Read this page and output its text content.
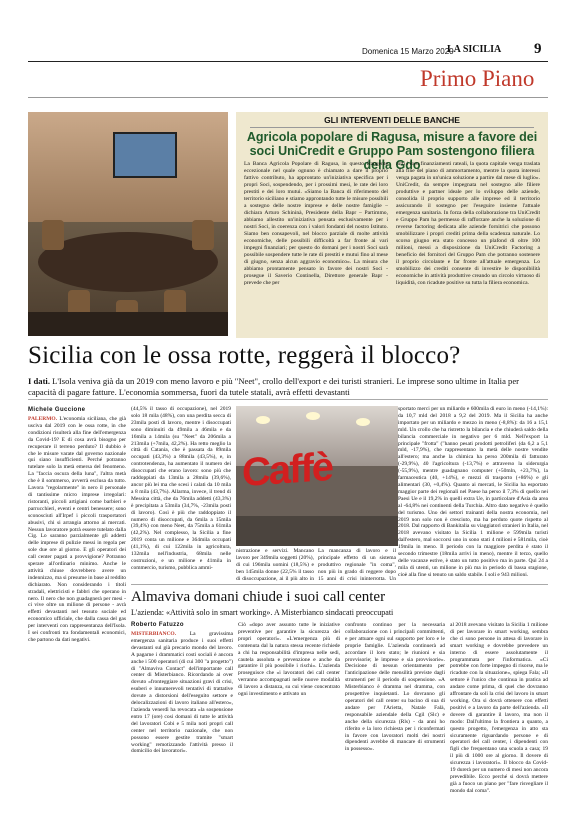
Domenica 15 Marzo 2020
LA SICILIA 9
Primo Piano
GLI INTERVENTI DELLE BANCHE
Agricola popolare di Ragusa, misure a favore dei soci UniCredit e Gruppo Pam sostengono filiera della Gdo
La Banca Agricola Popolare di Ragusa, in questo frangente eccezionale nel quale ognuno è chiamato a dare il proprio fattivo contributo, ha approntato un'iniziativa specifica per i propri Soci, sospendendo, per i prossimi mesi, le rate dei loro prestiti e dei loro mutui. «Siamo la Banca di riferimento del territorio siciliano e stiamo approntando tutte le misure possibili a sostegno delle nostre imprese e delle nostre famiglie – dichiara Arturo Schininà, Presidente della Bapr – Partimmo, abbiamo allestito un'iniziativa pensata esclusivamente per i nostri Soci, in coerenza con i valori fondanti del nostro Istituto. Siamo ben consapevoli, nel blocco parziale di molte attività economiche, delle possibili difficoltà a far fronte ai vari impegni finanziari; per questo do domani per i nostri Soci sarà possibile sospendere tutte le rate di prestiti e mutui fino al mese di giugno, senza alcun aggravio economico». La misura che abbiamo prontamente pensato in favore dei nostri Soci - prosegue il Saverio Continella, Direttore generale Bapr - prevede che per
tutti i loro finanziamenti rateali, la quota capitale venga traslata alla fine del piano di ammortamento, mentre la quota interessi venga pagata in un'unica soluzione a partire dal mese di luglio». UniCredit, da sempre impegnata nel sostegno alle filiere produttive e partner ideale per lo sviluppo delle aziende, consolida il proprio supporto alle imprese ed il territorio assicurando il sostegno per l'eseguire insieme l'attuale emergenza sanitaria. In forza della collaborazione tra UniCredit e Gruppo Pam ha permesso di rafforzare anche la soluzione di reverse factoring dedicata alle aziende fornitrici che possono smobilizzare i propri crediti prima della scadenza naturale. Lo scorso giugno era stato concesso un plafond di oltre 100 milioni, messi a disposizione da UniCredit Factoring a beneficio dei fornitori del Gruppo Pam che potranno sostenere il proprio circolante e far fronte all'attuale emergenza. Lo smobilizzo dei crediti consente di investire le disponibilità economiche in attività produttive creando un circolo virtuoso di liquidità, con ricadute positive su tutta la filiera economica.
Sicilia con le ossa rotte, reggerà il blocco?
I dati. L'Isola veniva già da un 2019 con meno lavoro e più "Neet", crollo dell'export e dei turisti stranieri. Le imprese sono ultime in Italia per capacità di pagare fatture. L'economia sommersa, fuori da tutele statali, avrà effetti devastanti
Michele Guccione
PALERMO. L'economia siciliana, che già usciva dal 2019 con le ossa rotte, in che condizioni risulterà alla fine dell'emergenza da Covid-19? E di cosa avrà bisogno per recuperare il terreno perduto? Il dubbio è che le misure varate dal governo nazionale qui siano insufficienti. Perché potranno tutelare solo la metà emersa del fenomeno. La "faccia oscura della luna", l'altra metà che è il sommerso, avverrà esclusa da tutto. Lavora "regolarmente" in nero il personale di tantissime micro imprese irregolari: ristoranti, piccoli artigiani come barbieri e parrucchieri, eventi e centri benessere; sono sconosciuti all'Irpef i piccoli trasportatori abusivi, chi si arrangia attorno ai mercati. Nessun lavoratore potrà essere tutelato dalla Cig. Lo saranno parzialmente gli addetti delle imprese di pulizie messi in regola per sole due ore al giorno. E gli operatori dei call center pagati a provvigione? Potranno sperare all'ordinario minimo. Anche le attività chiuse dovrebbero avere un indennizzo, ma si presume in base al reddito dichiarato. Non considerando i titoli stradali, elettricisti e fabbri che operano in nero. Il nero che non guadagnerà per mesi - ci vive oltre un milione di persone - avrà effetti devastanti nel tessuto sociale ed economico ufficiale, che dalla cassa del gas per interventi con rappresentanza dell'Isola. I sei confronti tra fondamentali economici, che partono da dati negativi.
(44,5% il tasso di occupazione), nel 2019 solo 18 mila (48%), con una perdita secca di 23mila posti di lavoro, mentre i disoccupati sono diminuiti da 49mila a 46mila e da 16mila a 14mila (su "Neet" da 206mila a 213mila (+7mila, 42,2%). Ha retto meglio la città di Catania, che è passata da 89mila occupati (43,3%) a 88mila (43,5%), e, in controtendenza, ha aumentato il numero dei disoccupati che erano lavoro: sono più che raddoppiati da 13mila a 28mila (39,6%), ancor più lei ma che scesi i calati da 10 mila a 8 mila (43,7%). Allarma, invece, il trend di Messina città, che da 76mila addetti (43,3%) è precipitata a 53mila (34,7%, -23mila posti di lavoro). Così è più che raddoppiato il numero di disoccupati, da 6mila a 15mila (39,4%) con meno Neet, da 75mila a 61mila (42,2%). Nel complesso, la Sicilia a fine 2019 conta un milione e 364mila occupati (41,1%), di cui 122mila in agricoltura, 132mila nell'industria, 68mila nelle costruzioni, e un milione e 41mila in commercio, turismo, pubblica ammi-
Caffè
sportato merci per un miliardo e 600mila di euro in meno (-14,1%): da 10,7 mld del 2018 a 9,2 del 2019. Ma il Sicilia ha anche importato per un miliardo e mezzo in meno (-8,8%): da 16 a 15,1 mld. Un crollo che ha ristretto la bilancia e che chiuderà saldo della bilancia commerciale in negativo per 6 mld. Nell'export la principale "frotta" ("hanno pesati prodotti petroliferi (da 6,2 a 5,1 mld, -17,9%), che rappresentano la metà delle nostre vendite all'estero; ma anche la chimica ha perso 200mila di fatturato (-29,9%), 40 l'agricoltura (-13,7%) e attraverso la siderurgia (-55,9%), mentre guadagnano computer (+50mln, +23,7%), la farmaceutica (40, +14%), e mezzi di trasporto (+86%) e gli alimentari (30, +0,4%). Quanto ai mercati, le Sicilia ha esportato maggior parte dei regionali nel Paese ha perso il 7,3% di quello nei Paesi Ue e il 19,2% in quelli extra Ue, in particolare d'Asia da area al -64,8% nei continenti della Turchia. Altro dato negativo è quello del turismo. Uno dei settori trainanti della nostra economia, nel 2019 non solo non è cresciuto, ma ha perduto quote rispetto al 2018. Dal rapporto di Bankitalia su viaggiatori stranieri in Italia, nel 2018 avevano visitato la Sicilia 1 milione e 599mila turisti dall'estero, mal soccorsi uno in sono stati 4 milioni e 581mila, cioè 19mila in meno. Il periodo con la maggiore perdita è stato il secondo trimestre (18mila arrivi in meno), mentre il terzo, quello delle vacanze estive, è stato un tutto positivo ma in parte. Qui 24 a mila di utenti, un milione in più ma in periodo di bassa stagione, cioè alla fine si tenuto un saldo stabile. I soli e 943 milioni.
nistrazione e servizi. Mancano lavoro per 349mila soggetti (20%), di cui 196mila uomini (18,5%) e ben 145mila donne (22,5% il tasso di disoccupazione, ai il più alto in
La mancanza di lavoro e il principale effetto di un sistema produttivo regionale "in coma", non più in grado di reggere dopo 15 anni di crisi ininterrotta. Un
Almaviva domani chiude i suoi call center
L'azienda: «Attività solo in smart working». A Misterbianco sindacati preoccupati
Roberto Fatuzzo
MISTERBIANCO. La gravissima emergenza sanitaria produce i suoi effetti devastanti sul già precario mondo del lavoro. A pagarne i drammatici costi sociali è ancora anche i 500 operatori (di cui 300 "a progetto") di "Almaviva Contact" dell'importante call center di Misterbianco. Ricordando ai over dovuto «fronteggiare situazioni gravi di crisi, esuberi e innumerevoli tentativi di trattative dovute a distorsioni dell'eseguito settore e delocalizzazioni di lavoro italiano all'estero», l'azienda venerdì ha revocata «la sospensione entro 17 (ore) cosi domani di tutte le attività del lavoratori Cobi e 5 mila noti propri call center nel territorio nazionale, che non possono essere gestite tramite "smart working" remotizzando l'attività presso il domicilio dei lavoratori».
Ciò «dopo aver assunto tutte le iniziative preventive per garantire la sicurezza dei propri operatori». «L'emergenza più di contenuta dal la natura stessa recente richiede a chi ha responsabilità d'impresa nelle sedi, cautela assoluta e prevenzione e anche da garantire il più possibile i rischi». L'azienda proseguisce che «i lavoratori dei call center verranno accompagnati nelle nuove modalità di lavoro a distanza, su cui viene concentrato ogni investimento e attivato un
confronto continuo per la necessaria collaborazione con i principali committenti, e per attuare ogni sul supporto per loro e le proprie famiglie. L'azienda continuerà ad accordare il loro stato; le riunioni e sia provvisorie; le imprese e sia provvisorie». Decisione di nessun orientamento per l'anticipazione delle mensilità previste dagli strumenti per il periodo di sospensione. «A Misterbianco è dramma nel dramma, con prospettive inquietanti. Lo dovranno gli operatori del call center su bacino di sua di andare per l'Arietta, Natale Falà, responsabile aziendale della Cgil (Slc) e anche della sicurezza (Rls) - da anni ho riferito e la loro richiesta per i riconfermati in favore con lavoratori molti dei nostri dipendenti avrebbe di mancare di strumenti in possesso».
al 2018 avevano visitato la Sicilia 1 milione di per lavorare in smart working, sembra che ci sono persone in attesa di lavorare in smart working e dovrebbe prevedere un interno di essere assolutamente il programmata per l'informatica. «Ci potrebbe con forte impegno di risorse, ma le ricadute con la situazione», spiega Fala; «Il settore è l'unico che continua in pratica ad andare come prima, di quel che dovranno affrontare da soli la crisi del lavoro in smart working. Ora si dovrà ottenere con effetti positivi e a lavoro da parte dell'azienda. «Il dovere di garantire il lavoro, ma non il modo: Dall'ultimo la frontiera a quanto, a questo progetto, l'emergenza in atto sta sicuramente riguardando persone e di operatori del call center, i dipendenti con figli che frequentano una scuola a casa; 19 il più di 1000 ore al giorno. Il dovere di sicurezza i lavoratori». Il blocco da Covid-19 durerà per un numero di mesi non ancora prevedibile. Ecco perché si dovrà mettere già a fuoco un piano per "fare risvegliare il mondo dal coma".
